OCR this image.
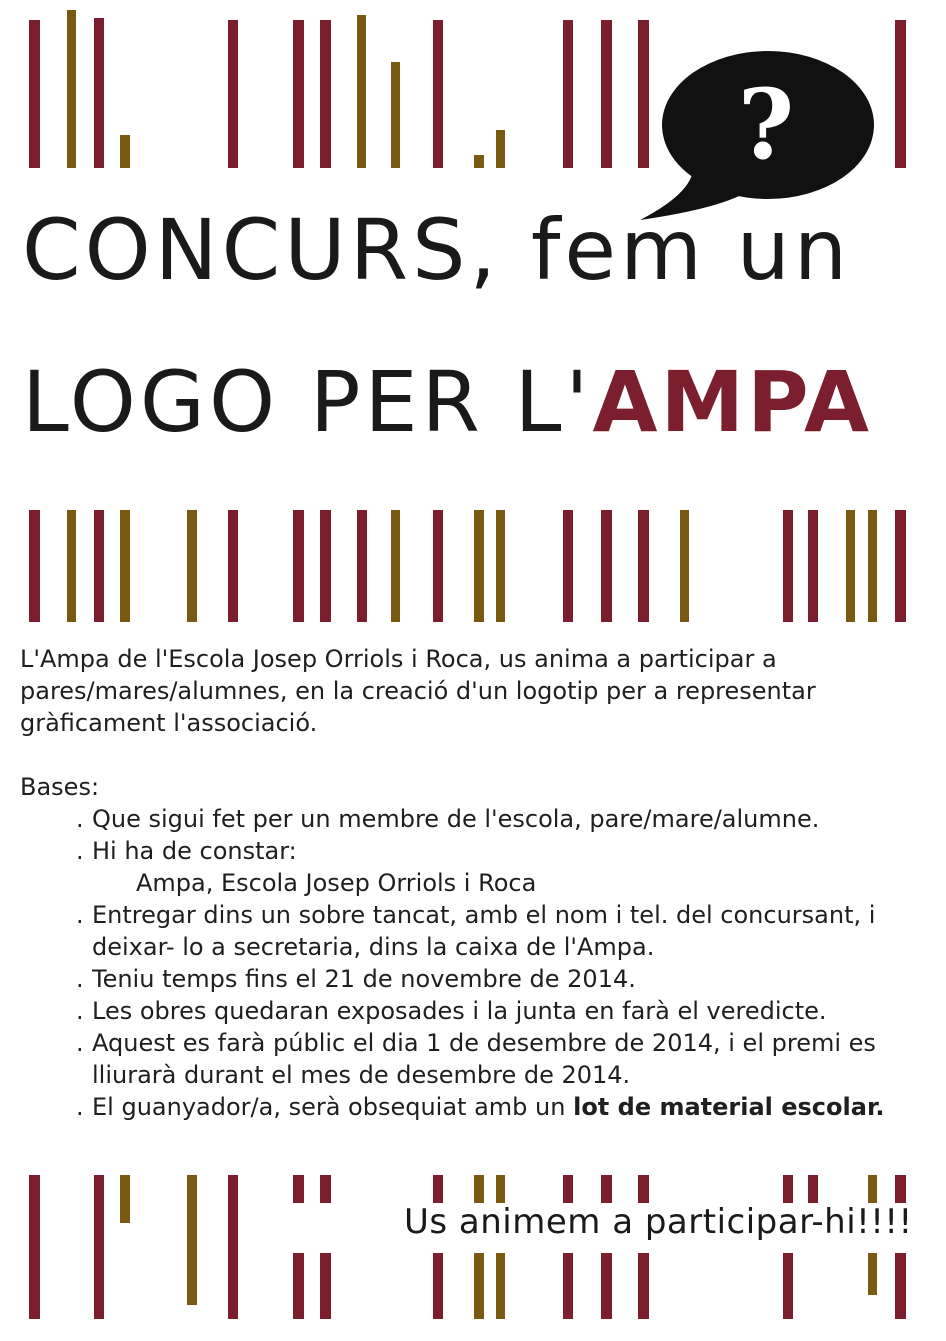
?
CONCURS, fem un
LOGO PER L'AMPA

L'Ampa de l'Escola Josep Orriols i Roca, us anima a participar a pares/mares/alumnes, en la creació d'un logotip per a representar gràficament l'associació.

Bases:

. Que sigui fet per un membre de l'escola, pare/mare/alumne.
. Hi ha de constar:
Ampa, Escola Josep Orriols i Roca
. Entregar dins un sobre tancat, amb el nom i tel. del concursant, i deixar- lo a secretaria, dins la caixa de l'Ampa.
. Teniu temps fins el 21 de novembre de 2014.
. Les obres quedaran exposades i la junta en farà el veredicte.
. Aquest es farà públic el dia 1 de desembre de 2014, i el premi es lliurarà durant el mes de desembre de 2014.
. El guanyador/a, serà obsequiat amb un lot de material escolar.

Us animem a participar-hi!!!!
